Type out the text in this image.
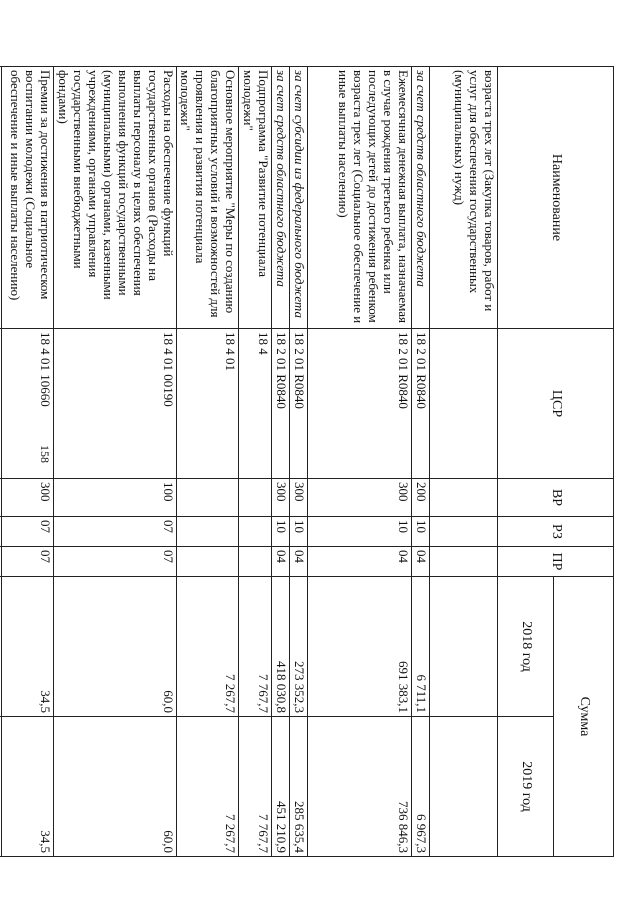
158
Наименование	ЦСР	ВР	РЗ	ПР	Сумма	
					2018 год	2019 год
возраста трех лет (Закупка товаров, работ и услуг для обеспечения государственных (муниципальных) нужд)						
за счет средств областного бюджета	18 2 01 R0840	200	10	04	6 711,1	6 967,3
Ежемесячная денежная выплата, назначаемая в случае рождения третьего ребенка или последующих детей до достижения ребенком возраста трех лет (Социальное обеспечение и иные выплаты населению)	18 2 01 R0840	300	10	04	691 383,1	736 846,3
за счет субсидии из федерального бюджета	18 2 01 R0840	300	10	04	273 352,3	285 635,4
за счет средств областного бюджета	18 2 01 R0840	300	10	04	418 030,8	451 210,9
Подпрограмма "Развитие потенциала молодежи"	18 4				7 767,7	7 767,7
Основное мероприятие "Меры по созданию благоприятных условий и возможностей для проявления и развития потенциала молодежи"	18 4 01				7 267,7	7 267,7
Расходы на обеспечение функций государственных органов (Расходы на выплаты персоналу в целях обеспечения выполнения функций государственными (муниципальными) органами, казенными учреждениями, органами управления государственными внебюджетными фондами)	18 4 01 00190	100	07	07	60,0	60,0
Премии за достижения в патриотическом воспитании молодежи (Социальное обеспечение и иные выплаты населению)	18 4 01 10660	300	07	07	34,5	34,5
